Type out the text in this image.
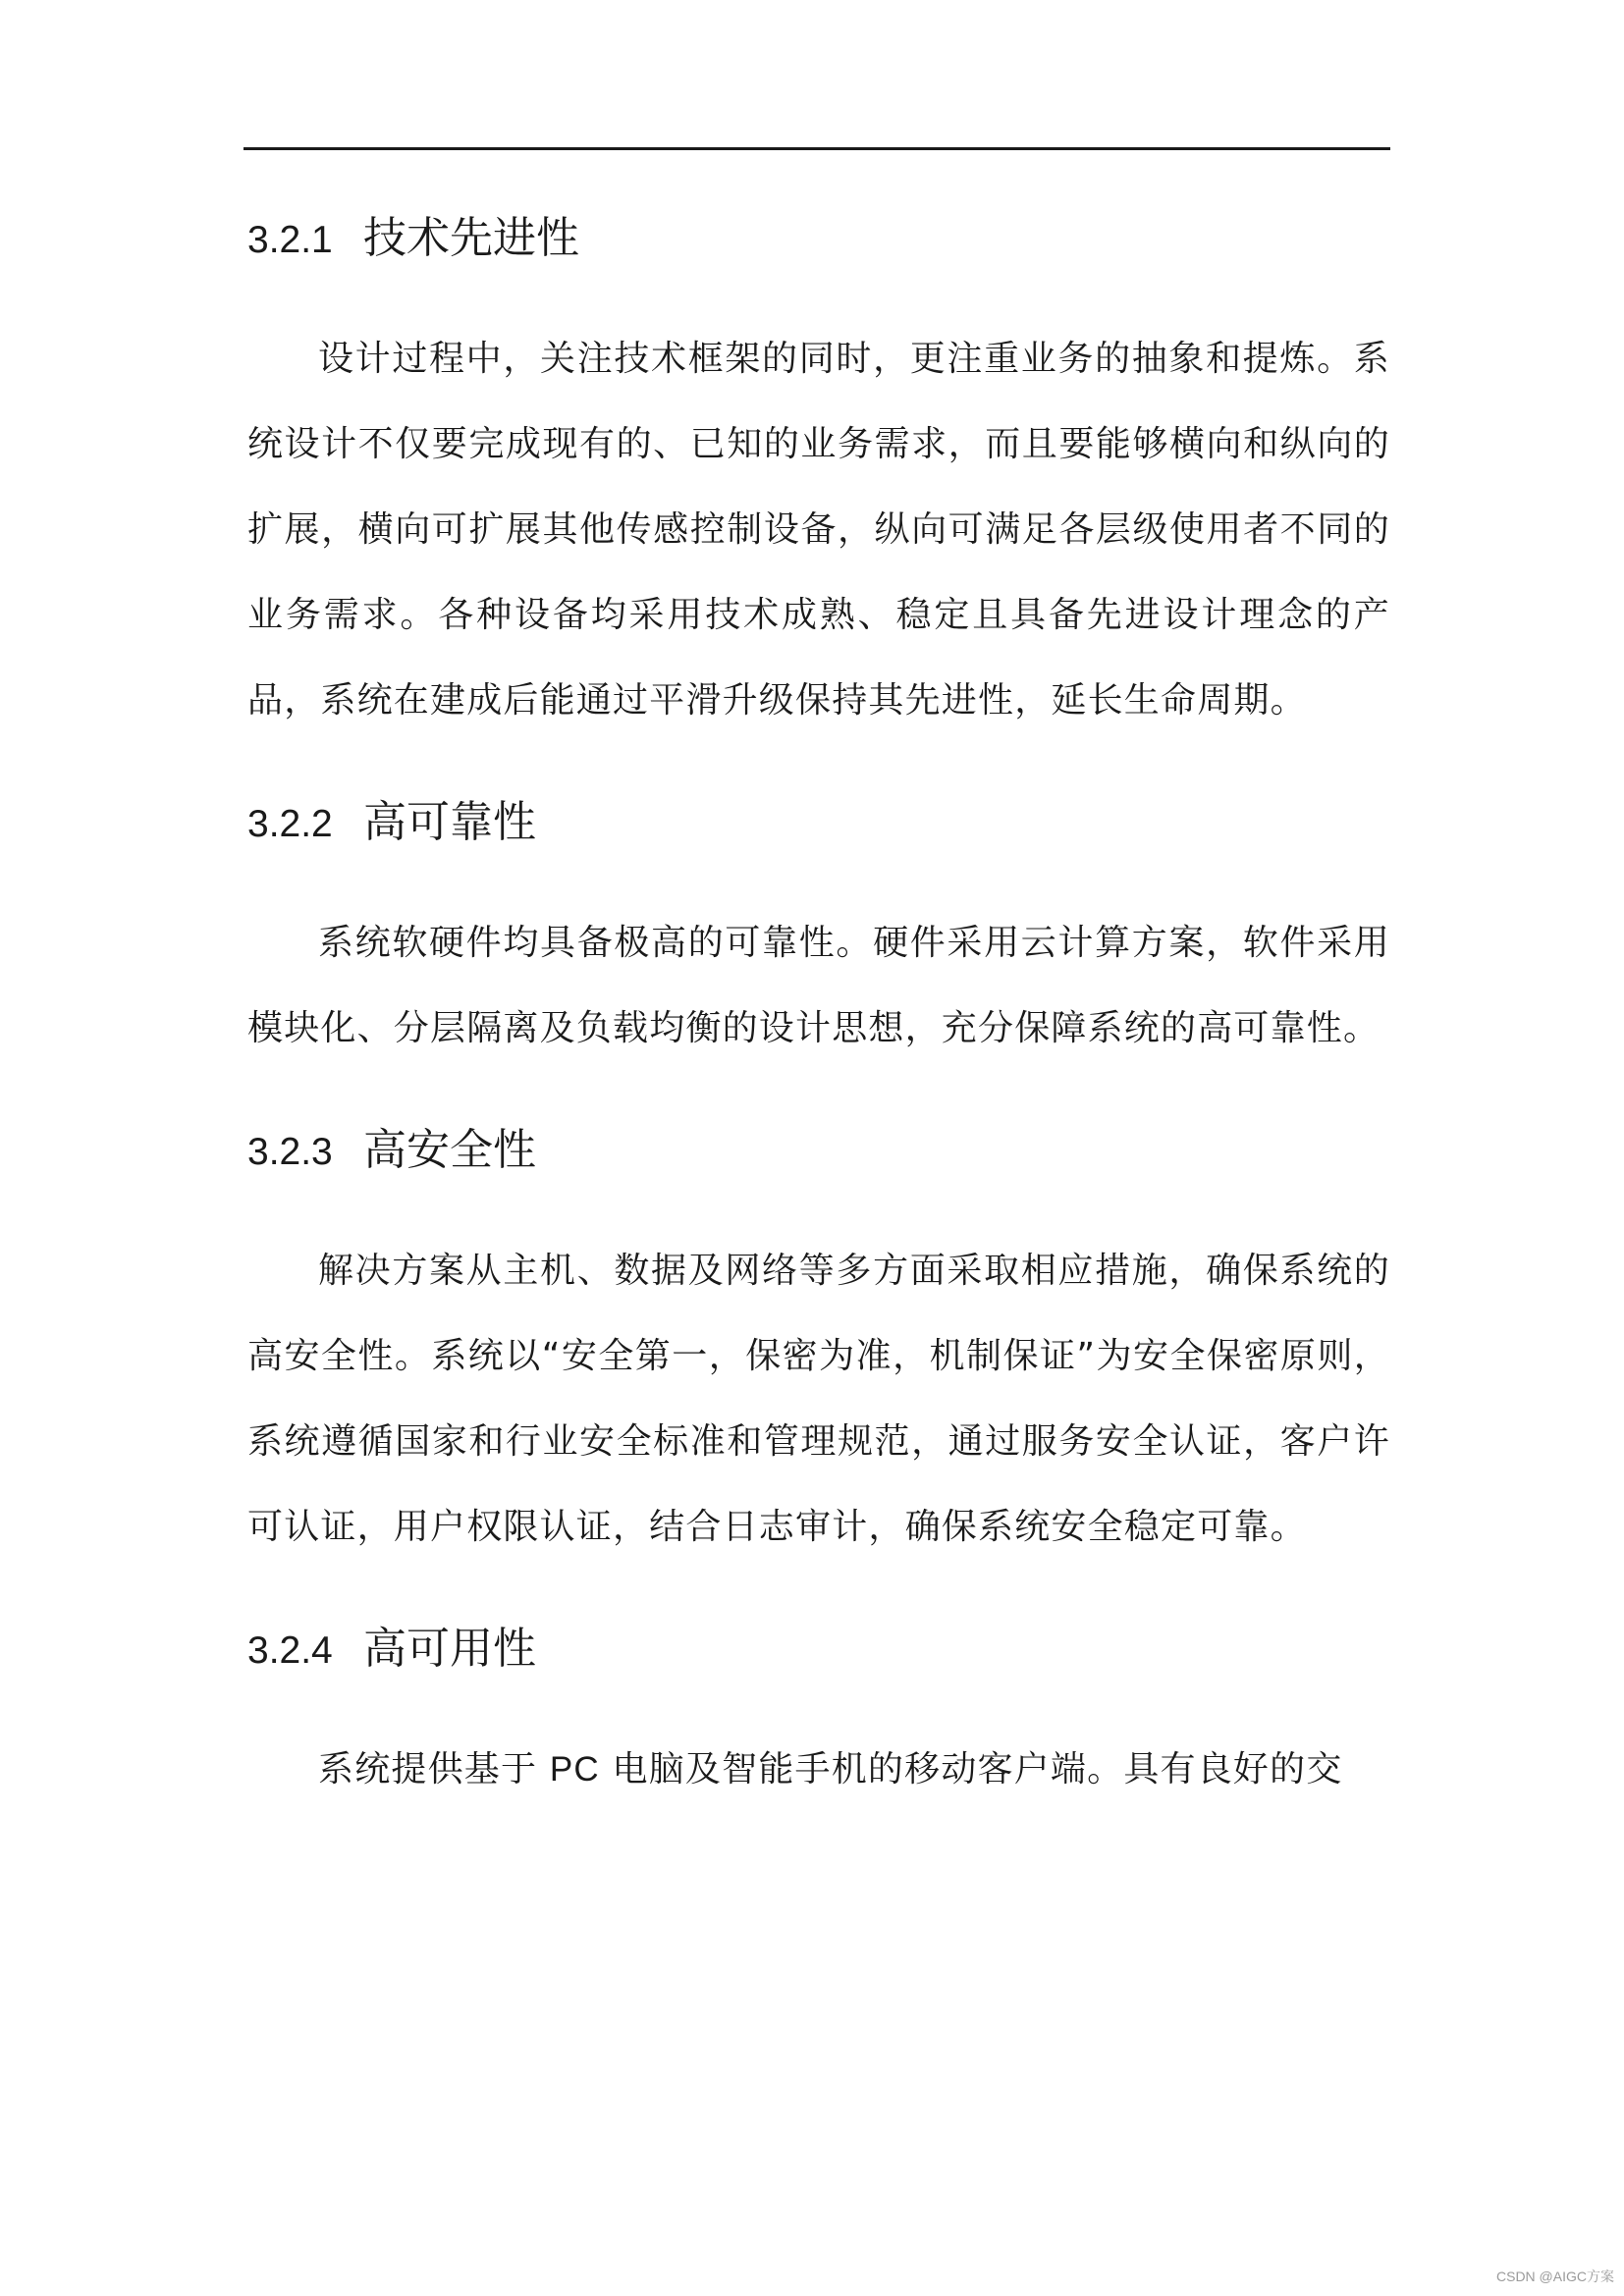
3.2.1 技术先进性

设计过程中，关注技术框架的同时，更注重业务的抽象和提炼。系统设计不仅要完成现有的、已知的业务需求，而且要能够横向和纵向的扩展，横向可扩展其他传感控制设备，纵向可满足各层级使用者不同的业务需求。各种设备均采用技术成熟、稳定且具备先进设计理念的产品，系统在建成后能通过平滑升级保持其先进性，延长生命周期。

3.2.2 高可靠性

系统软硬件均具备极高的可靠性。硬件采用云计算方案，软件采用模块化、分层隔离及负载均衡的设计思想，充分保障系统的高可靠性。

3.2.3 高安全性

解决方案从主机、数据及网络等多方面采取相应措施，确保系统的高安全性。系统以“安全第一，保密为准，机制保证”为安全保密原则，系统遵循国家和行业安全标准和管理规范，通过服务安全认证，客户许可认证，用户权限认证，结合日志审计，确保系统安全稳定可靠。

3.2.4 高可用性

系统提供基于 PC 电脑及智能手机的移动客户端。具有良好的交

CSDN @AIGC方案
